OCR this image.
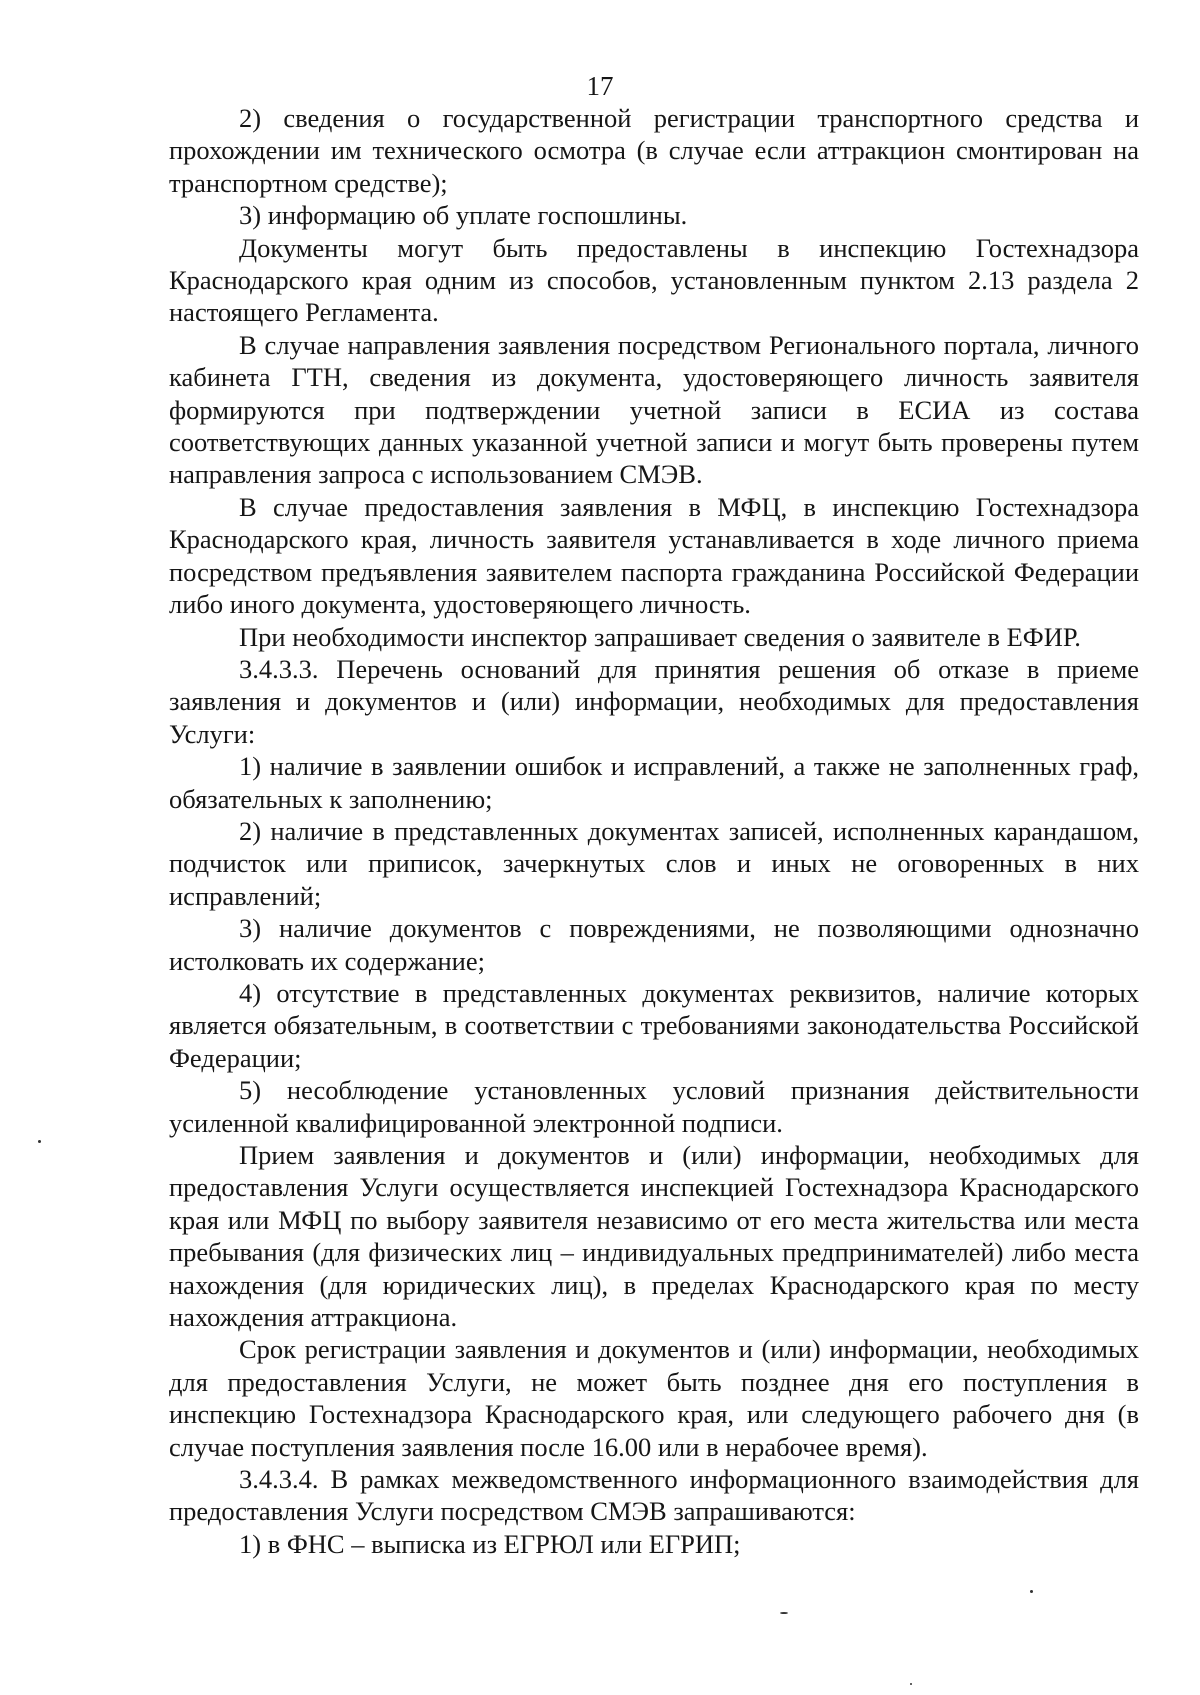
17

2) сведения о государственной регистрации транспортного средства и прохождении им технического осмотра (в случае если аттракцион смонтирован на транспортном средстве);

3) информацию об уплате госпошлины.

Документы могут быть предоставлены в инспекцию Гостехнадзора Краснодарского края одним из способов, установленным пунктом 2.13 раздела 2 настоящего Регламента.

В случае направления заявления посредством Регионального портала, личного кабинета ГТН, сведения из документа, удостоверяющего личность заявителя формируются при подтверждении учетной записи в ЕСИА из состава соответствующих данных указанной учетной записи и могут быть проверены путем направления запроса с использованием СМЭВ.

В случае предоставления заявления в МФЦ, в инспекцию Гостехнадзора Краснодарского края, личность заявителя устанавливается в ходе личного приема посредством предъявления заявителем паспорта гражданина Российской Федерации либо иного документа, удостоверяющего личность.

При необходимости инспектор запрашивает сведения о заявителе в ЕФИР.

3.4.3.3. Перечень оснований для принятия решения об отказе в приеме заявления и документов и (или) информации, необходимых для предоставления Услуги:

1) наличие в заявлении ошибок и исправлений, а также не заполненных граф, обязательных к заполнению;

2) наличие в представленных документах записей, исполненных карандашом, подчисток или приписок, зачеркнутых слов и иных не оговоренных в них исправлений;

3) наличие документов с повреждениями, не позволяющими однозначно истолковать их содержание;

4) отсутствие в представленных документах реквизитов, наличие которых является обязательным, в соответствии с требованиями законодательства Российской Федерации;

5) несоблюдение установленных условий признания действительности усиленной квалифицированной электронной подписи.

Прием заявления и документов и (или) информации, необходимых для предоставления Услуги осуществляется инспекцией Гостехнадзора Краснодарского края или МФЦ по выбору заявителя независимо от его места жительства или места пребывания (для физических лиц – индивидуальных предпринимателей) либо места нахождения (для юридических лиц), в пределах Краснодарского края по месту нахождения аттракциона.

Срок регистрации заявления и документов и (или) информации, необходимых для предоставления Услуги, не может быть позднее дня его поступления в инспекцию Гостехнадзора Краснодарского края, или следующего рабочего дня (в случае поступления заявления после 16.00 или в нерабочее время).

3.4.3.4. В рамках межведомственного информационного взаимодействия для предоставления Услуги посредством СМЭВ запрашиваются:

1) в ФНС – выписка из ЕГРЮЛ или ЕГРИП;
